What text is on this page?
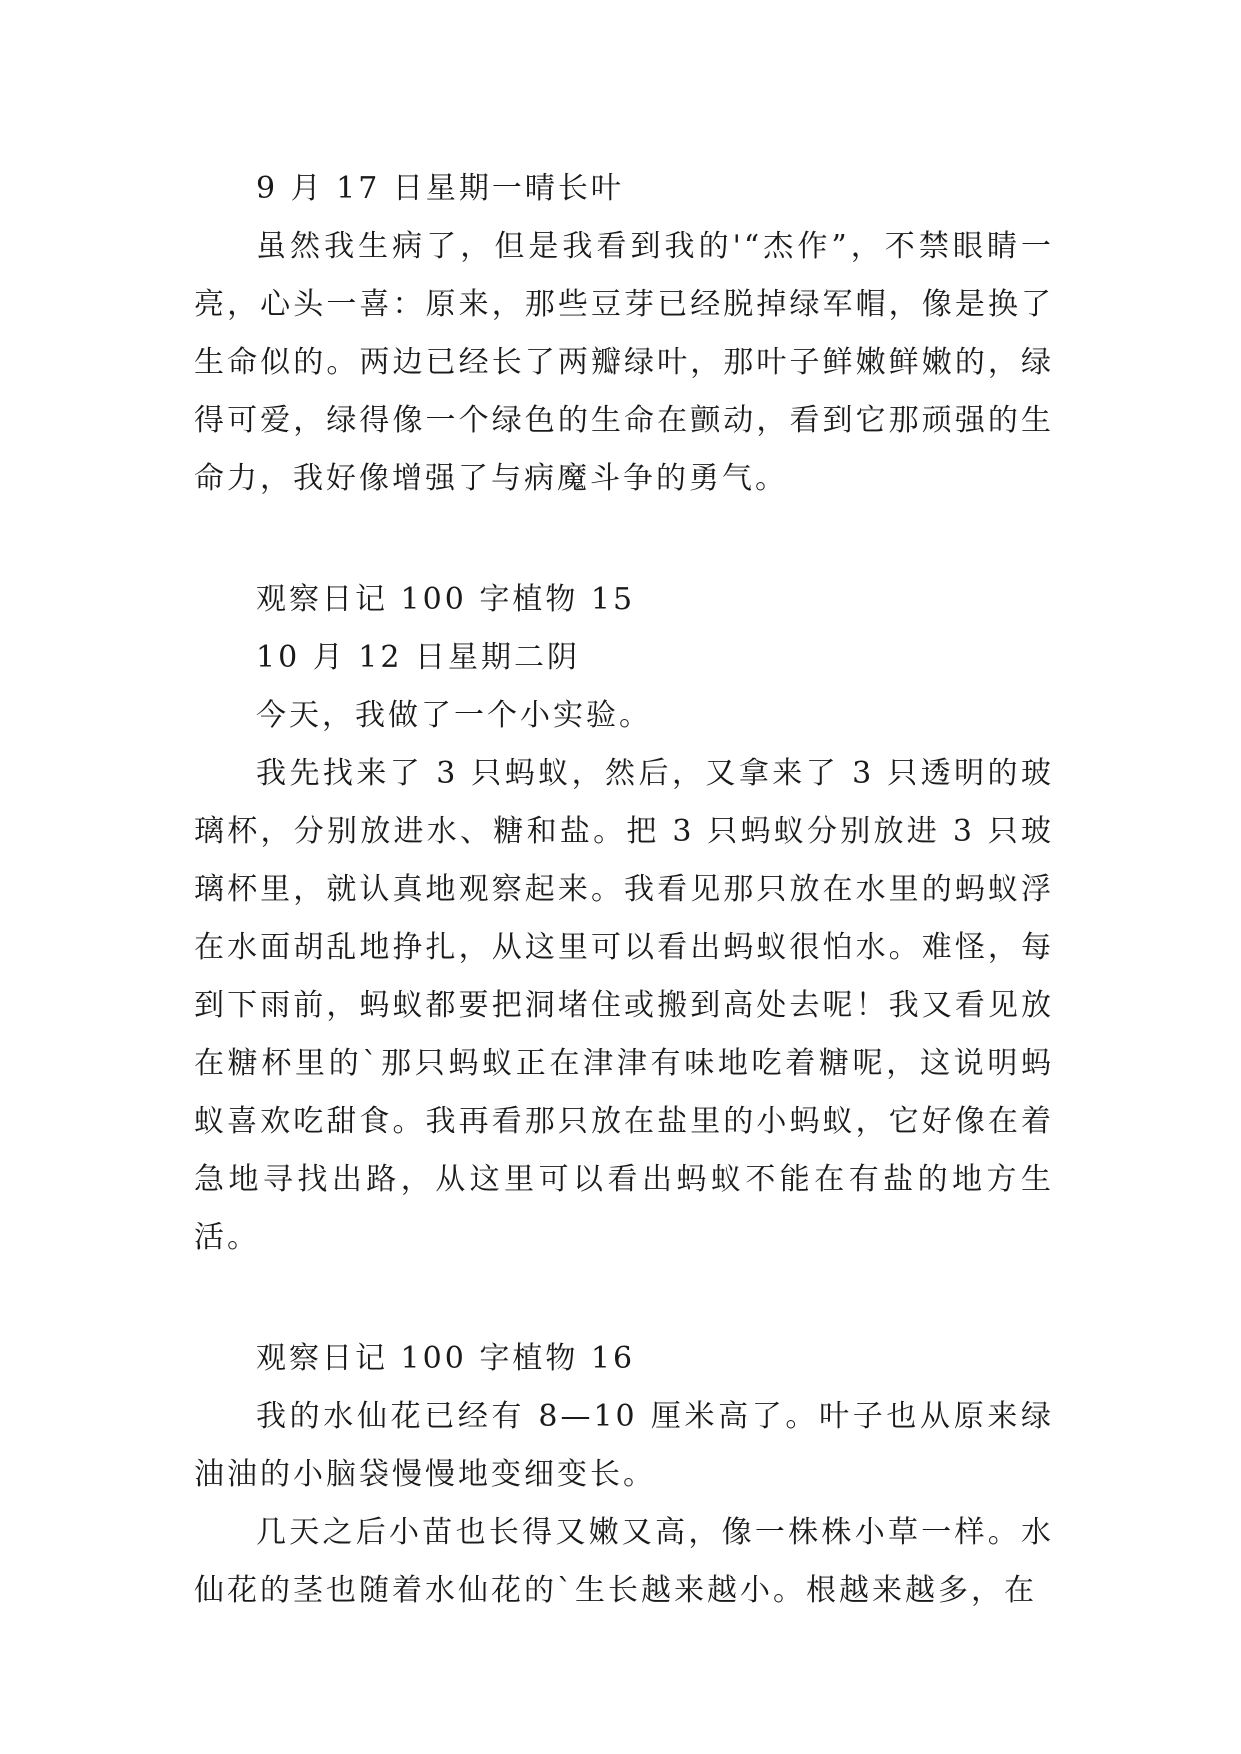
9 月 17 日星期一晴长叶

虽然我生病了，但是我看到我的'“杰作”，不禁眼睛一亮，心头一喜：原来，那些豆芽已经脱掉绿军帽，像是换了生命似的。两边已经长了两瓣绿叶，那叶子鲜嫩鲜嫩的，绿得可爱，绿得像一个绿色的生命在颤动，看到它那顽强的生命力，我好像增强了与病魔斗争的勇气。

观察日记 100 字植物 15

10 月 12 日星期二阴

今天，我做了一个小实验。

我先找来了 3 只蚂蚁，然后，又拿来了 3 只透明的玻璃杯，分别放进水、糖和盐。把 3 只蚂蚁分别放进 3 只玻璃杯里，就认真地观察起来。我看见那只放在水里的蚂蚁浮在水面胡乱地挣扎，从这里可以看出蚂蚁很怕水。难怪，每到下雨前，蚂蚁都要把洞堵住或搬到高处去呢！我又看见放在糖杯里的`那只蚂蚁正在津津有味地吃着糖呢，这说明蚂蚁喜欢吃甜食。我再看那只放在盐里的小蚂蚁，它好像在着急地寻找出路，从这里可以看出蚂蚁不能在有盐的地方生活。

观察日记 100 字植物 16

我的水仙花已经有 8—10 厘米高了。叶子也从原来绿油油的小脑袋慢慢地变细变长。

几天之后小苗也长得又嫩又高，像一株株小草一样。水仙花的茎也随着水仙花的`生长越来越小。根越来越多，在
